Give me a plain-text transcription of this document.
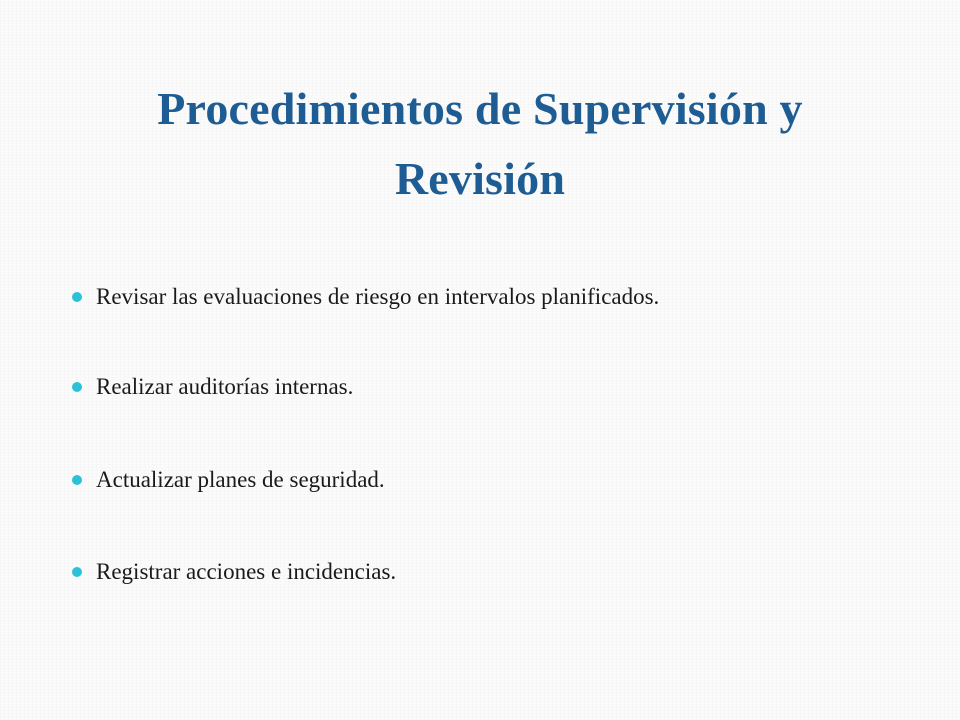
Procedimientos de Supervisión y
Revisión
Revisar las evaluaciones de riesgo en intervalos planificados.
Realizar auditorías internas.
Actualizar planes de seguridad.
Registrar acciones e incidencias.
